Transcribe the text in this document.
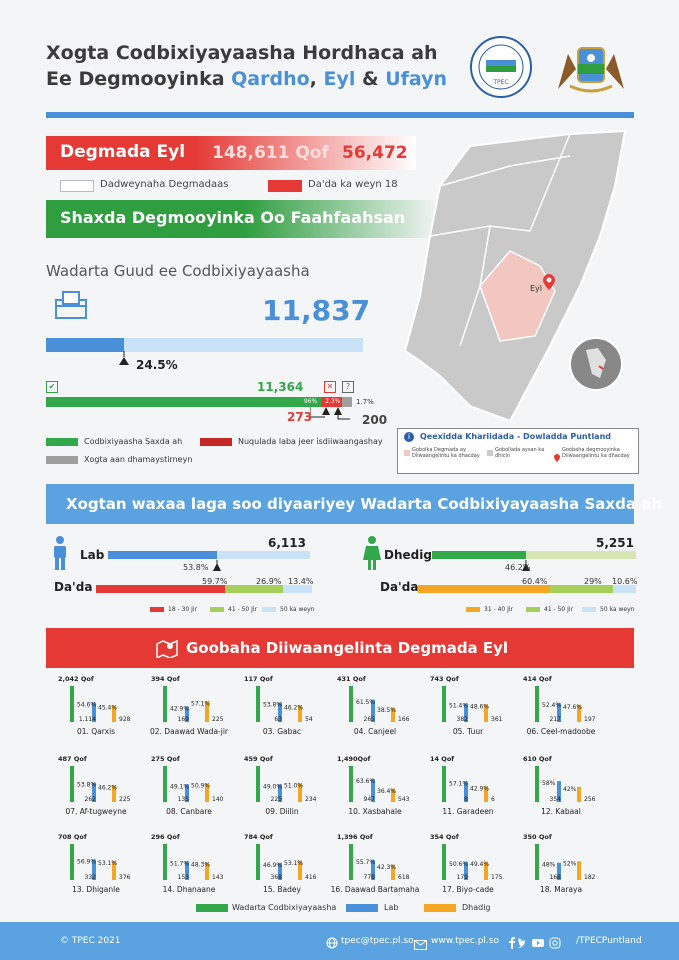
Xogta Codbixiyayaasha Hordhaca ah
Ee Degmooyinka Qardho, Eyl & Ufayn	TPEC
Degmada Eyl 148,611 Qof 56,472
Dadweynaha Degmadaas	Da'da ka weyn 18
Shaxda Degmooyinka Oo Faahfaahsan
Eyl
i	Qeexidda Khariidada - Dowladda Puntland
Gobolka Degmada ay Diiwaangelintu ka dhacday
Gobollada aysan ka dhicin
Goobaha degmooyinka Diiwaangelintu ka dhacday
Wadarta Guud ee Codbixiyayaasha
11,837
24.5%
✔	11,364	✕	?
96% 2.3% 1.7%
273	200
Codbixiyaasha Saxda ah	Nuqulada laba jeer isdiiwaangashay
Xogta aan dhamaystirneyn
Xogtan waxaa laga soo diyaariyey Wadarta Codbixiyayaasha Saxda ah
Lab
6,113
53.8%
Da'da	59.7%	26.9% 13.4%
18 - 30 Jir	41 - 50 Jir	50 ka weyn
Dhedig
5,251
46.2%
Da'da	60.4%	29% 10.6%
31 - 40 Jir	41 - 50 Jir	50 ka weyn
Goobaha Diiwaangelinta Degmada Eyl
2,042 Qof
54.6% 45.4%
1,114	928
01. Qarxis
394 Qof
42.9%
57.1%
169	225
02. Daawad Wada-jir
117 Qof
53.8% 46.2%
63	54
03. Gabac
431 Qof
61.5%
38.5%
265	166
04. Canjeel
743 Qof
51.4% 48.6%
382	361
05. Tuur
414 Qof
52.4% 47.6%
217	197
06. Ceel-madoobe
487 Qof
53.8% 46.2%
262	225
07. Af-tugweyne
275 Qof
49.1% 50.9%
135	140
08. Canbare
459 Qof
49.0% 51.0%
225	234
09. Diilin
1,490Qof
63.6%
36.4%
947	543
10. Xasbahale
14 Qof
57.1%
42.9%
8	6
11. Garadeen
610 Qof
58%
42%
354	256
12. Kabaal
708 Qof
56.9% 53.1%
332	376
13. Dhiganle
296 Qof
51.7% 48.3%
153	143
14. Dhanaane
784 Qof
46.9% 53.1%
368	416
15. Badey
1,396 Qof
55.7%
42.3%
778	618
16. Daawad Bartamaha
354 Qof
50.6% 49.4%
179	175
17. Biyo-cade
350 Qof
48% 52%
168	182
18. Maraya
Wadarta Codbixiyayaasha	Lab	Dhadig
© TPEC 2021	tpec@tpec.pl.so www.tpec.pl.so	/TPECPuntland
